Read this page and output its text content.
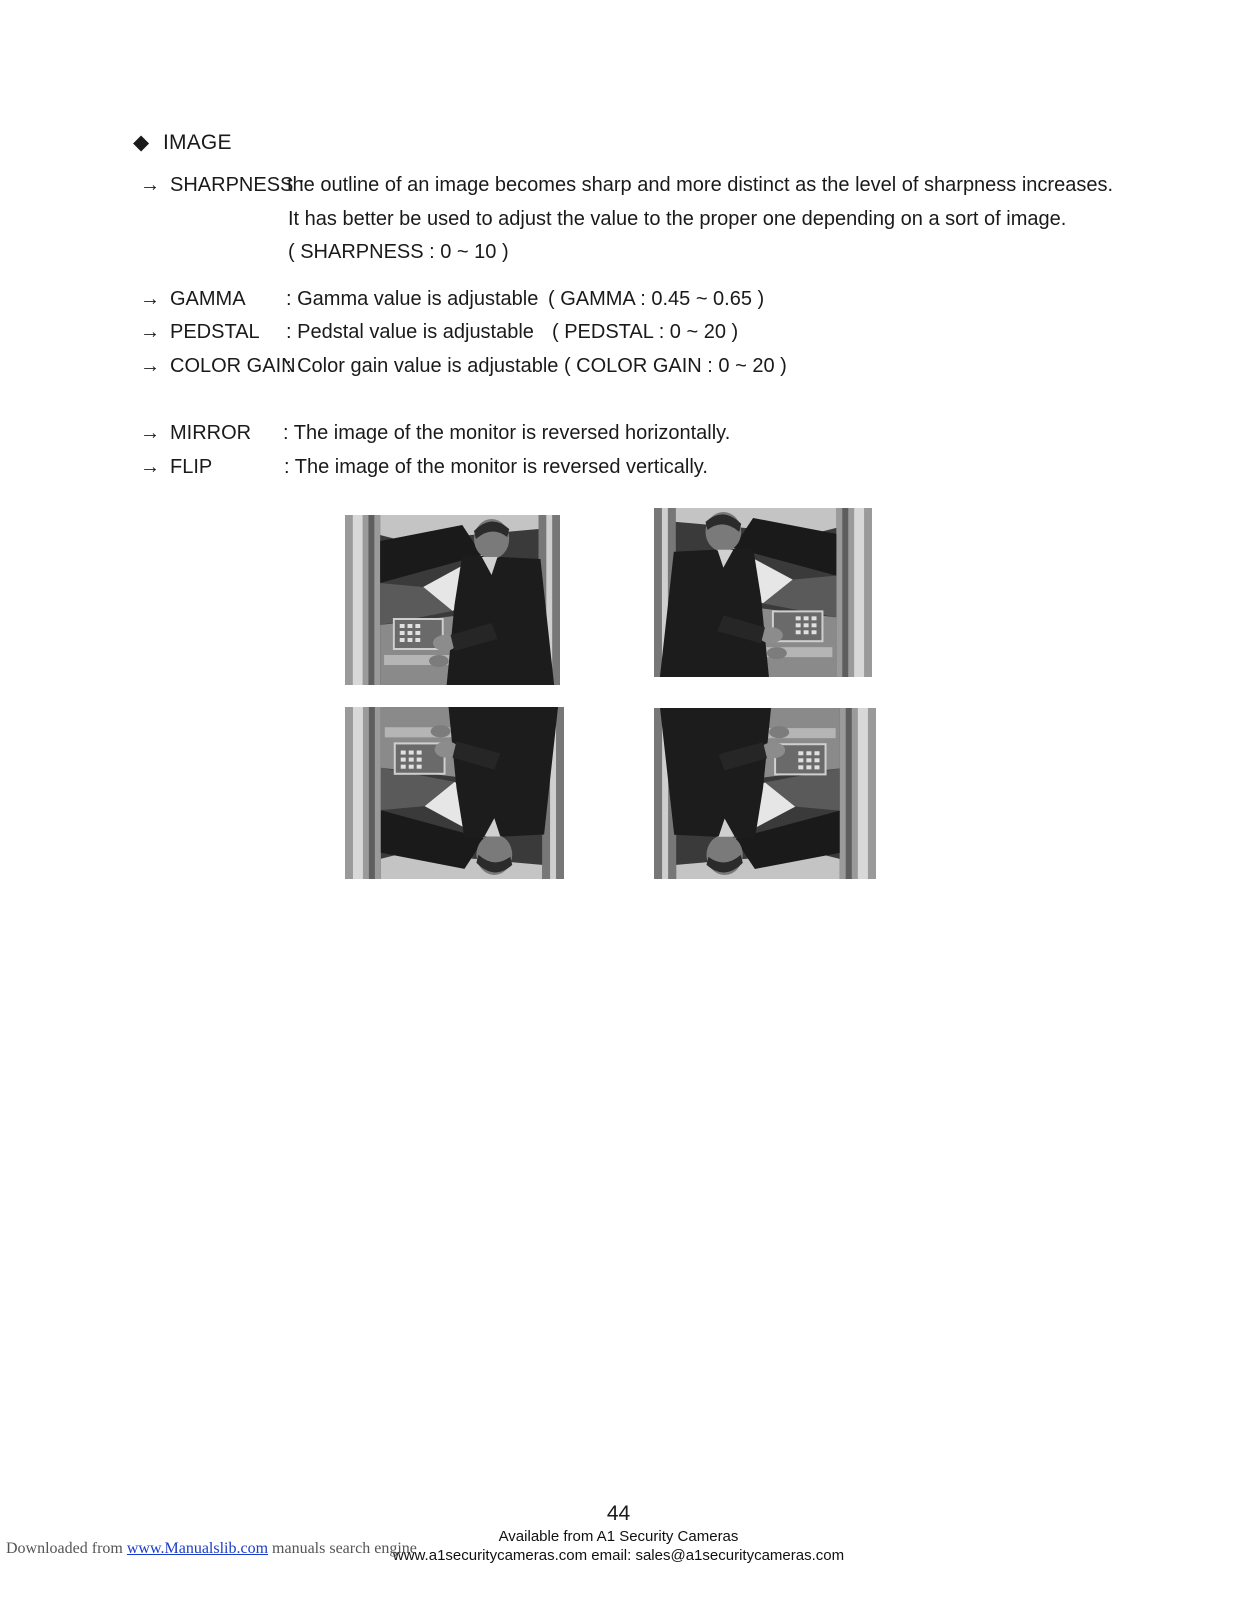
◆ IMAGE
→ SHARPNESS :
the outline of an image becomes sharp and more distinct as the level of sharpness increases.
It has better be used to adjust the value to the proper one depending on a sort of image.
( SHARPNESS : 0 ~ 10 )
→ GAMMA : Gamma value is adjustable ( GAMMA : 0.45 ~ 0.65 )
→ PEDSTAL : Pedstal value is adjustable ( PEDSTAL : 0 ~ 20 )
→ COLOR GAIN
: Color gain value is adjustable ( COLOR GAIN : 0 ~ 20 )
→ MIRROR : The image of the monitor is reversed horizontally.
→ FLIP	: The image of the monitor is reversed vertically.
44
Available from A1 Security Cameras
www.a1securitycameras.com email: sales@a1securitycameras.com
Downloaded from www.Manualslib.com manuals search engine
